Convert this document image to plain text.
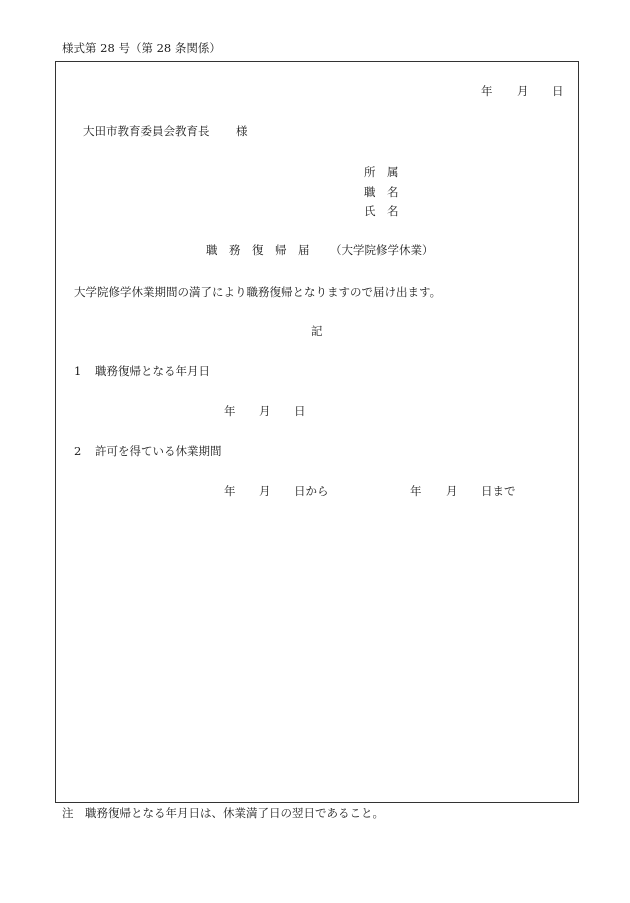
様式第 28 号（第 28 条関係）
年 月 日
大田市教育委員会教育長 様
所　属
職　名
氏　名
職　務　復　帰　届 （大学院修学休業）
大学院修学休業期間の満了により職務復帰となりますので届け出ます。
記
1 職務復帰となる年月日
年 月 日
2 許可を得ている休業期間
年 月 日から	年 月 日まで
注　職務復帰となる年月日は、休業満了日の翌日であること。
